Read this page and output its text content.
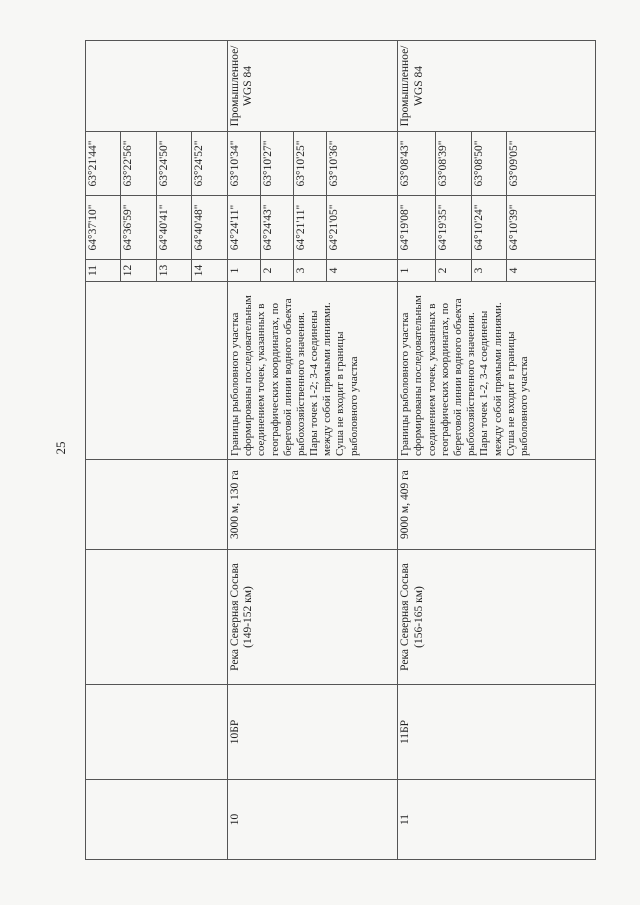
25
					11	64°37'10"	63°21'44"	
					12	64°36'59"	63°22'56"	
					13	64°40'41"	63°24'50"	
					14	64°40'48"	63°24'52"	
10	10БР	Река Северная Сосьва (149-152 км)	3000 м, 130 га	Границы рыболовного участка сформированы последовательным соединением точек, указанных в географических координатах, по береговой линии водного объекта рыбохозяйственного значения. Пары точек 1-2; 3-4 соединены между собой прямыми линиями. Суша не входит в границы рыболовного участка	1	64°24'11"	63°10'34"	Промышленное/ WGS 84
					2	64°24'43"	63°10'27"	
					3	64°21'11"	63°10'25"	
					4	64°21'05"	63°10'36"	
11	11БР	Река Северная Сосьва (156-165 км)	9000 м, 409 га	Границы рыболовного участка сформированы последовательным соединением точек, указанных в географических координатах, по береговой линии водного объекта рыбохозяйственного значения. Пары точек 1-2, 3-4 соединены между собой прямыми линиями. Суша не входит в границы рыболовного участка	1	64°19'08"	63°08'43"	Промышленное/ WGS 84
					2	64°19'35"	63°08'39"	
					3	64°10'24"	63°08'50"	
					4	64°10'39"	63°09'05"	
